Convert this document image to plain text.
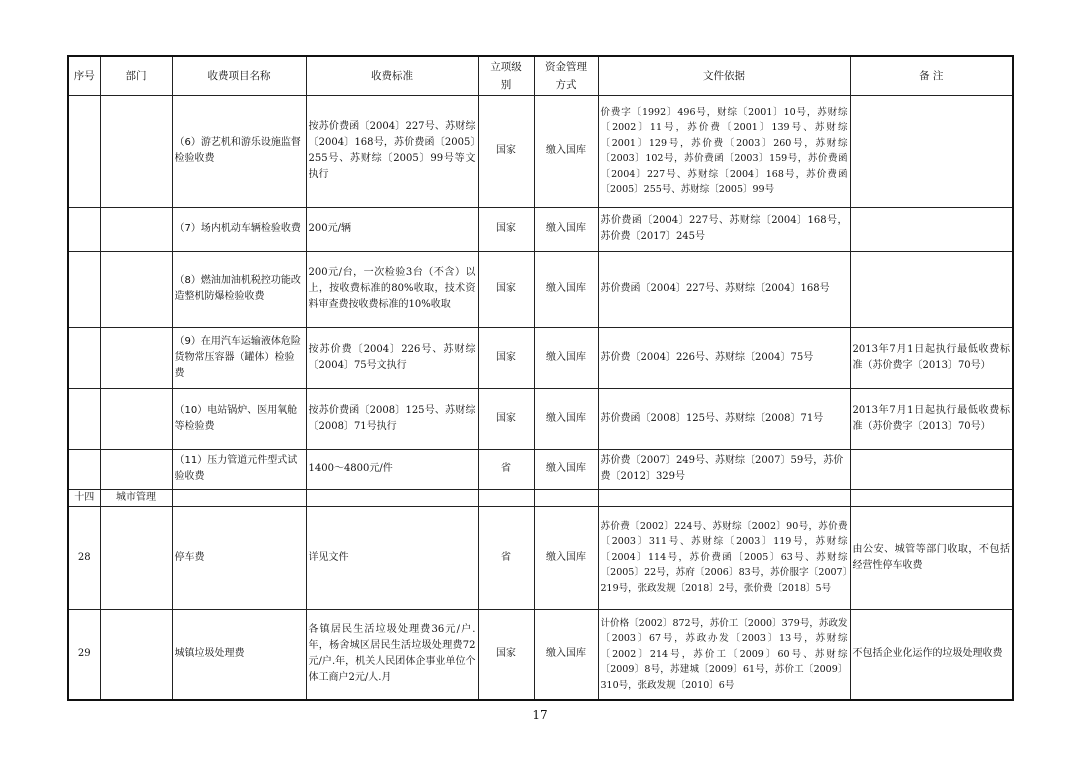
序号	部门	收费项目名称	收费标准	立项级别	资金管理方式	文件依据	备 注
		（6）游艺机和游乐设施监督检验收费	按苏价费函〔2004〕227号、苏财综〔2004〕168号，苏价费函〔2005〕255号、苏财综〔2005〕99号等文执行	国家	缴入国库	价费字〔1992〕496号，财综〔2001〕10号，苏财综〔2002〕11号，苏价费〔2001〕139号、苏财综〔2001〕129号，苏价费〔2003〕260号，苏财综〔2003〕102号，苏价费函〔2003〕159号，苏价费函〔2004〕227号、苏财综〔2004〕168号，苏价费函〔2005〕255号、苏财综〔2005〕99号	
		（7）场内机动车辆检验收费	200元/辆	国家	缴入国库	苏价费函〔2004〕227号、苏财综〔2004〕168号，苏价费〔2017〕245号	
		（8）燃油加油机税控功能改造整机防爆检验收费	200元/台，一次检验3台（不含）以上，按收费标准的80%收取，技术资料审查费按收费标准的10%收取	国家	缴入国库	苏价费函〔2004〕227号、苏财综〔2004〕168号	
		（9）在用汽车运输液体危险货物常压容器（罐体）检验费	按苏价费〔2004〕226号、苏财综〔2004〕75号文执行	国家	缴入国库	苏价费〔2004〕226号、苏财综〔2004〕75号	2013年7月1日起执行最低收费标准（苏价费字〔2013〕70号）
		（10）电站锅炉、医用氧舱等检验费	按苏价费函〔2008〕125号、苏财综〔2008〕71号执行	国家	缴入国库	苏价费函〔2008〕125号、苏财综〔2008〕71号	2013年7月1日起执行最低收费标准（苏价费字〔2013〕70号）
		（11）压力管道元件型式试验收费	1400～4800元/件	省	缴入国库	苏价费〔2007〕249号、苏财综〔2007〕59号，苏价费〔2012〕329号	
十四	城市管理						
28		停车费	详见文件	省	缴入国库	苏价费〔2002〕224号、苏财综〔2002〕90号，苏价费〔2003〕311号、苏财综〔2003〕119号，苏财综〔2004〕114号，苏价费函〔2005〕63号、苏财综〔2005〕22号，苏府〔2006〕83号，苏价服字〔2007〕219号，张政发规〔2018〕2号，张价费〔2018〕5号	由公安、城管等部门收取，不包括经营性停车收费
29		城镇垃圾处理费	各镇居民生活垃圾处理费36元/户.年，杨舍城区居民生活垃圾处理费72元/户.年，机关人民团体企事业单位个体工商户2元/人.月	国家	缴入国库	计价格〔2002〕872号，苏价工〔2000〕379号，苏政发〔2003〕67号，苏政办发〔2003〕13号，苏财综〔2002〕214号，苏价工〔2009〕60号、苏财综〔2009〕8号，苏建城〔2009〕61号，苏价工〔2009〕310号，张政发规〔2010〕6号	不包括企业化运作的垃圾处理收费
17
